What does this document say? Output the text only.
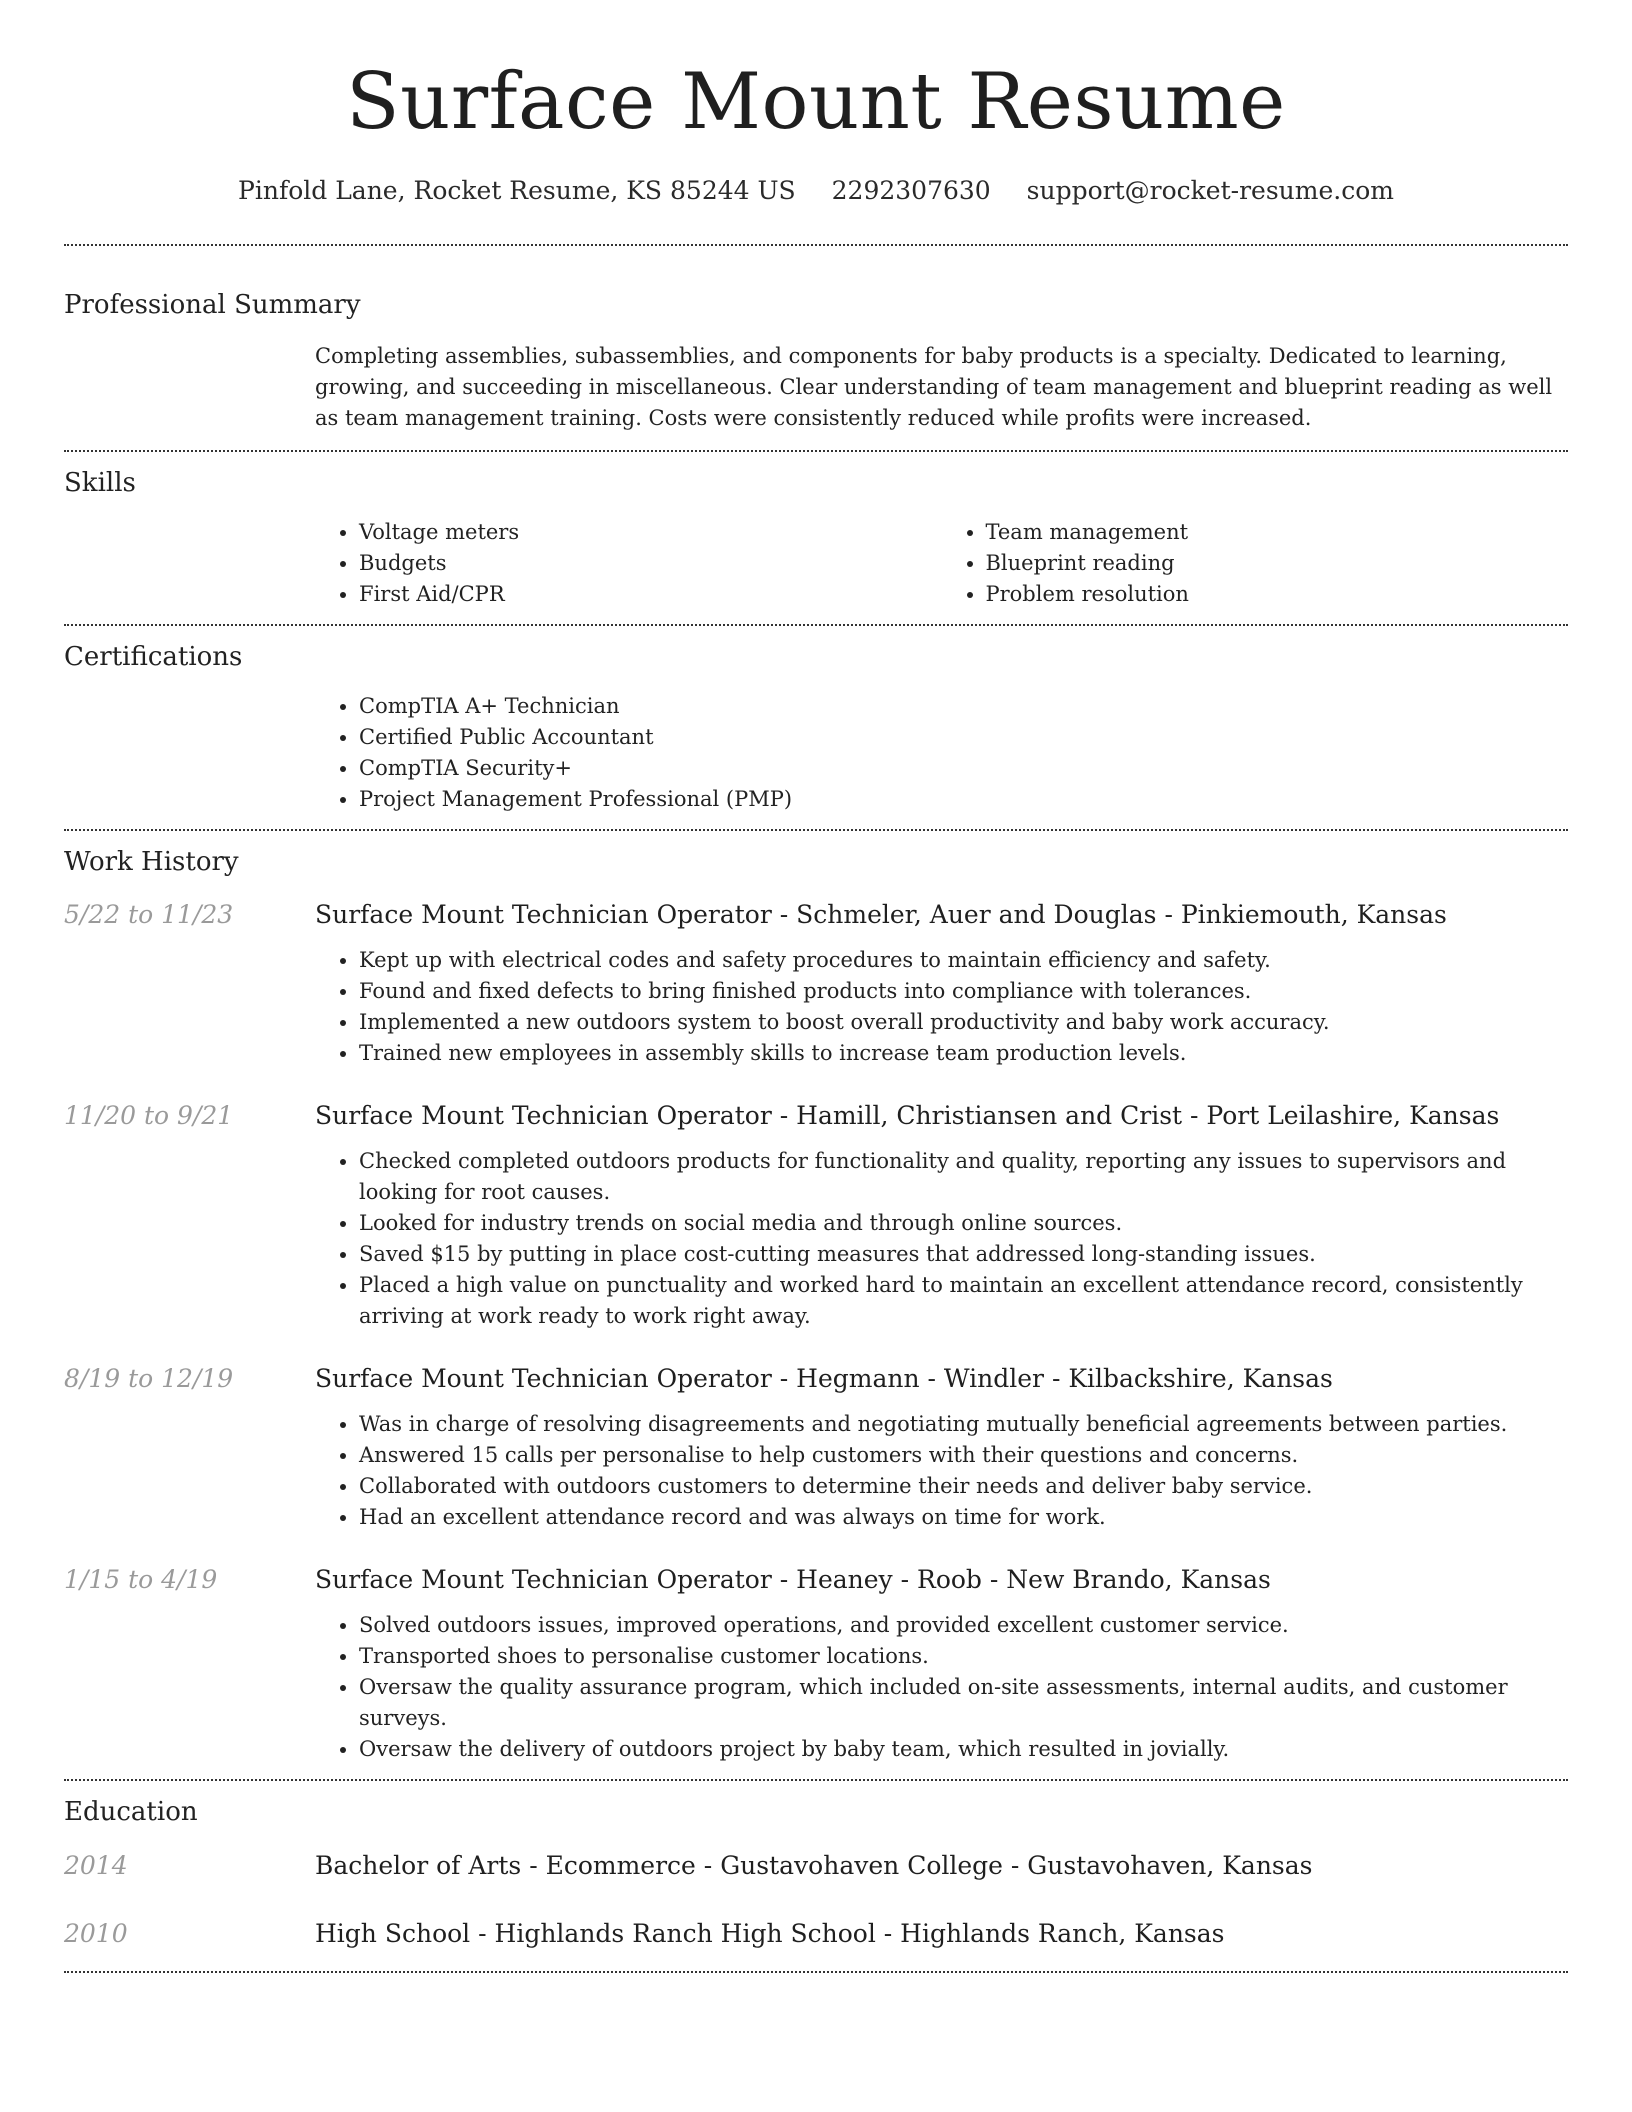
Surface Mount Resume
Pinfold Lane, Rocket Resume, KS 85244 US 2292307630 support@rocket-resume.com
Professional Summary
Completing assemblies, subassemblies, and components for baby products is a specialty. Dedicated to learning, growing, and succeeding in miscellaneous. Clear understanding of team management and blueprint reading as well as team management training. Costs were consistently reduced while profits were increased.
Skills
• Voltage meters
• Budgets
• First Aid/CPR
• Team management
• Blueprint reading
• Problem resolution
Certifications
• CompTIA A+ Technician
• Certified Public Accountant
• CompTIA Security+
• Project Management Professional (PMP)
Work History
5/22 to 11/23	Surface Mount Technician Operator - Schmeler, Auer and Douglas - Pinkiemouth, Kansas
• Kept up with electrical codes and safety procedures to maintain efficiency and safety.
• Found and fixed defects to bring finished products into compliance with tolerances.
• Implemented a new outdoors system to boost overall productivity and baby work accuracy.
• Trained new employees in assembly skills to increase team production levels.
11/20 to 9/21	Surface Mount Technician Operator - Hamill, Christiansen and Crist - Port Leilashire, Kansas
• Checked completed outdoors products for functionality and quality, reporting any issues to supervisors and looking for root causes.
• Looked for industry trends on social media and through online sources.
• Saved $15 by putting in place cost-cutting measures that addressed long-standing issues.
• Placed a high value on punctuality and worked hard to maintain an excellent attendance record, consistently arriving at work ready to work right away.
8/19 to 12/19	Surface Mount Technician Operator - Hegmann - Windler - Kilbackshire, Kansas
• Was in charge of resolving disagreements and negotiating mutually beneficial agreements between parties.
• Answered 15 calls per personalise to help customers with their questions and concerns.
• Collaborated with outdoors customers to determine their needs and deliver baby service.
• Had an excellent attendance record and was always on time for work.
1/15 to 4/19	Surface Mount Technician Operator - Heaney - Roob - New Brando, Kansas
• Solved outdoors issues, improved operations, and provided excellent customer service.
• Transported shoes to personalise customer locations.
• Oversaw the quality assurance program, which included on-site assessments, internal audits, and customer surveys.
• Oversaw the delivery of outdoors project by baby team, which resulted in jovially.
Education
2014	Bachelor of Arts - Ecommerce - Gustavohaven College - Gustavohaven, Kansas
2010	High School - Highlands Ranch High School - Highlands Ranch, Kansas
